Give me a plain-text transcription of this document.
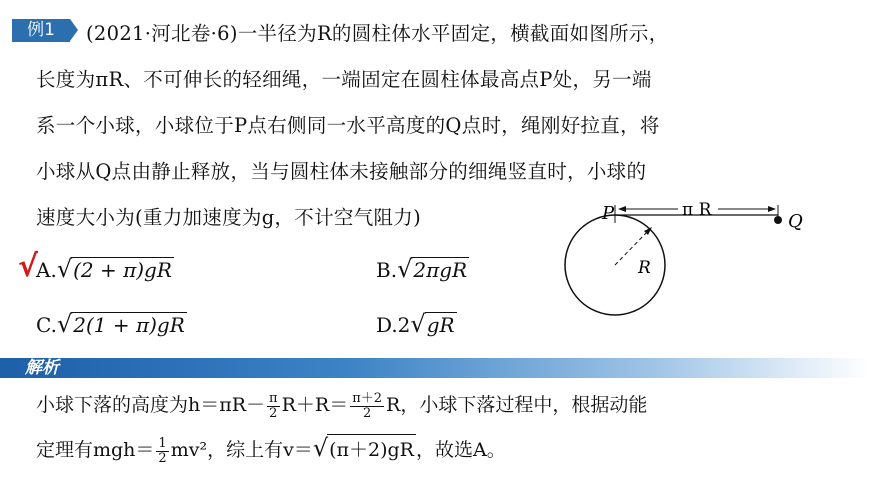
例1	(2021·河北卷·6)一半径为R的圆柱体水平固定，横截面如图所示，
长度为πR、不可伸长的轻细绳，一端固定在圆柱体最高点P处，另一端
系一个小球，小球位于P点右侧同一水平高度的Q点时，绳刚好拉直，将
小球从Q点由静止释放，当与圆柱体未接触部分的细绳竖直时，小球的
速度大小为(重力加速度为g，不计空气阻力)
√
A.√(2 + π)gR	B.√2πgR
C.√2(1 + π)gR	D.2√gR
P	Q
π R
R
解析
小球下落的高度为$h=\pi R- \frac{\pi}{2} R+R= \frac{\pi+2}{2}$ R，小球下落过程中，根据动能
定理有$mgh= \frac{1}{2} mv^2$，综上有v＝√(π＋2)gR ，故选A。
